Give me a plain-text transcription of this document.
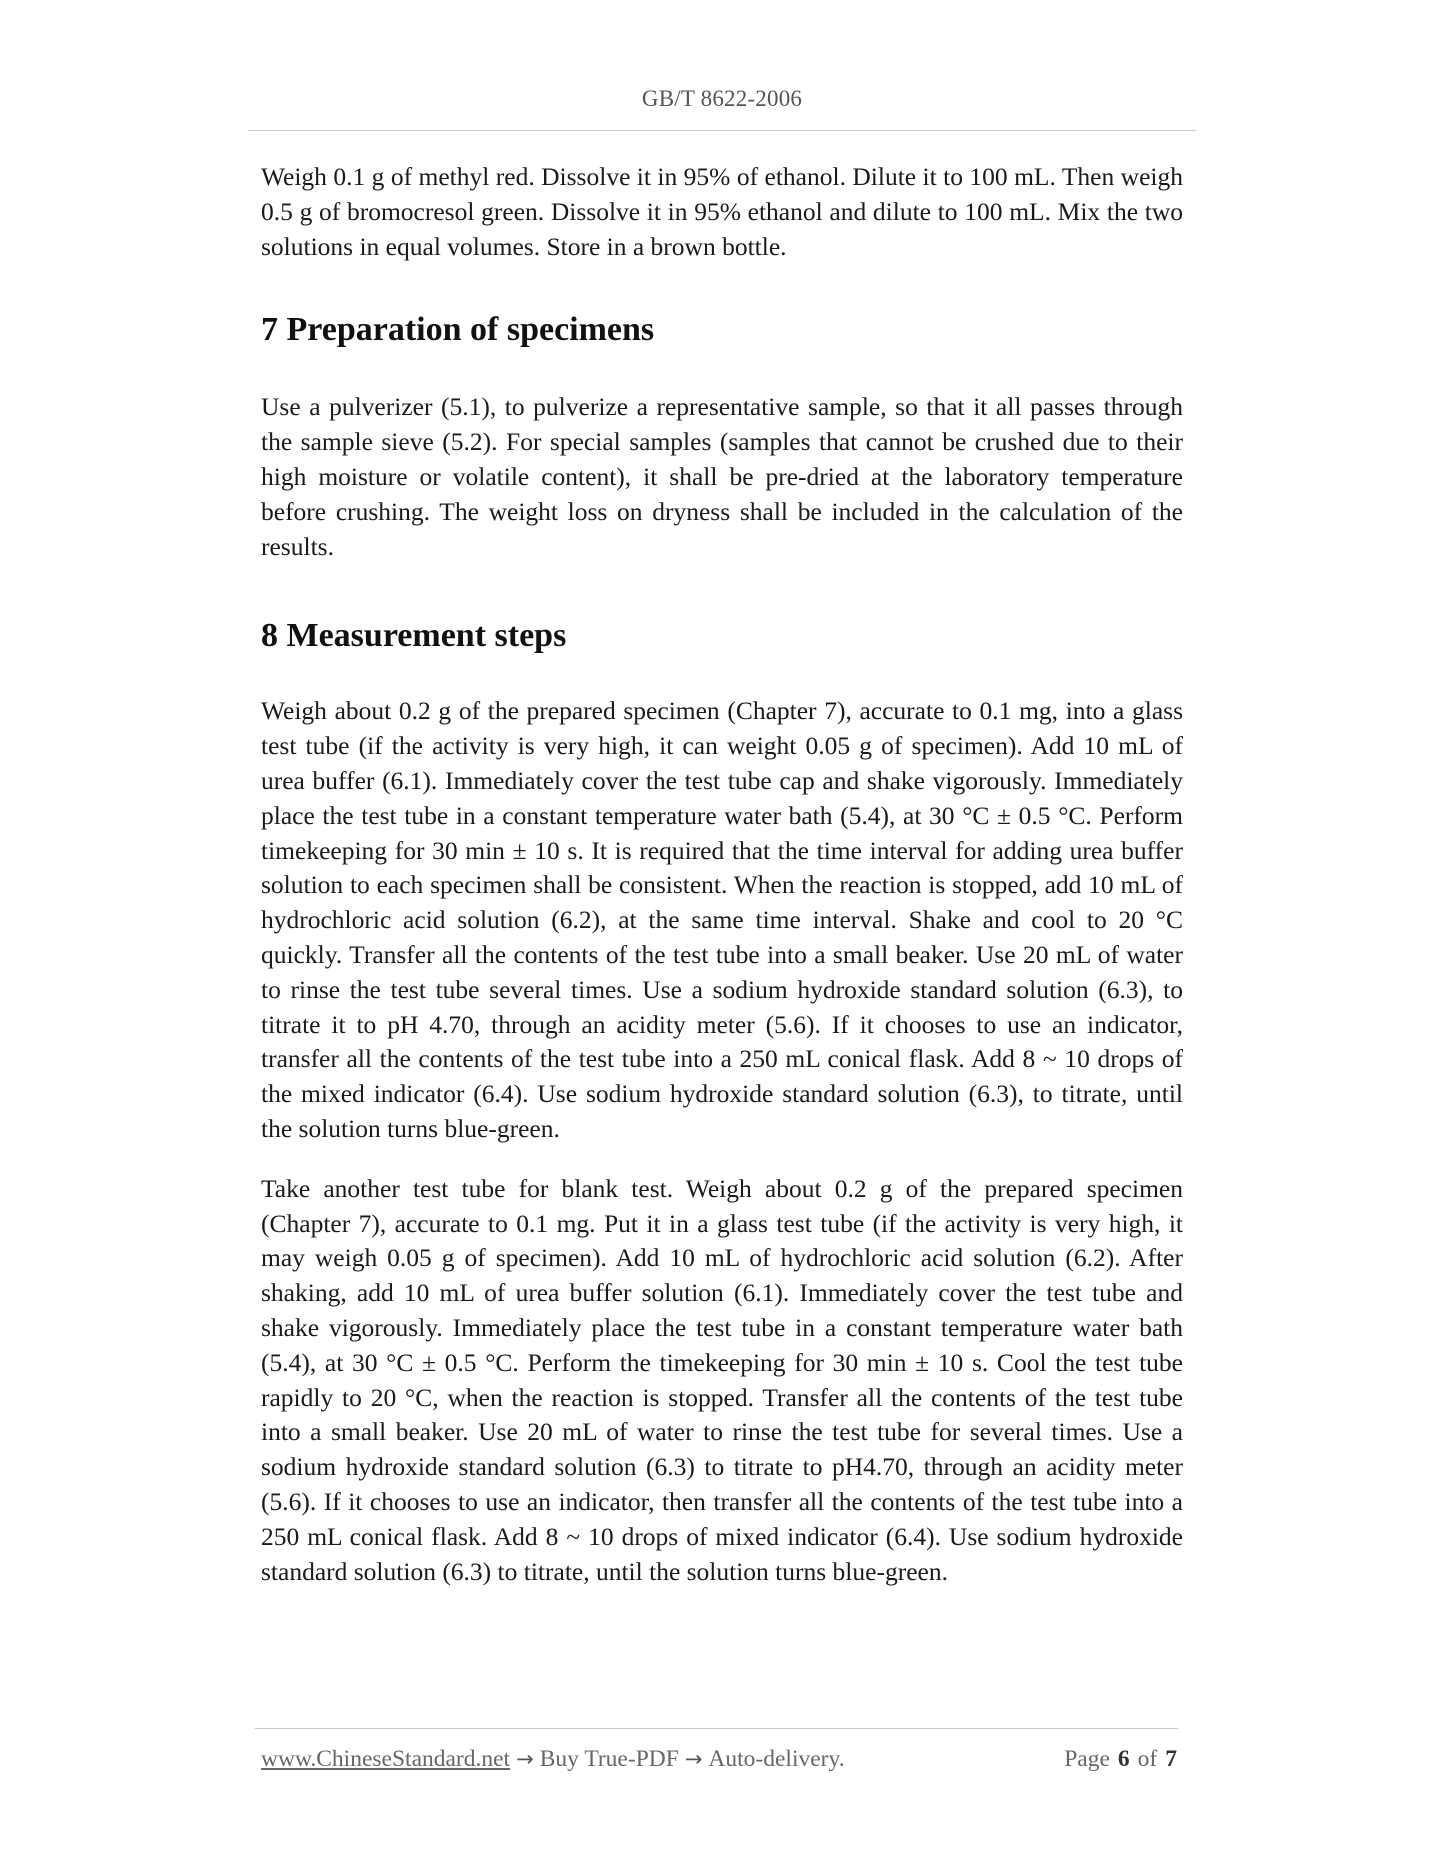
GB/T 8622-2006

Weigh 0.1 g of methyl red. Dissolve it in 95% of ethanol. Dilute it to 100 mL. Then weigh 0.5 g of bromocresol green. Dissolve it in 95% ethanol and dilute to 100 mL. Mix the two solutions in equal volumes. Store in a brown bottle.

7 Preparation of specimens

Use a pulverizer (5.1), to pulverize a representative sample, so that it all passes through the sample sieve (5.2). For special samples (samples that cannot be crushed due to their high moisture or volatile content), it shall be pre-dried at the laboratory temperature before crushing. The weight loss on dryness shall be included in the calculation of the results.

8 Measurement steps

Weigh about 0.2 g of the prepared specimen (Chapter 7), accurate to 0.1 mg, into a glass test tube (if the activity is very high, it can weight 0.05 g of specimen). Add 10 mL of urea buffer (6.1). Immediately cover the test tube cap and shake vigorously. Immediately place the test tube in a constant temperature water bath (5.4), at 30 °C ± 0.5 °C. Perform timekeeping for 30 min ± 10 s. It is required that the time interval for adding urea buffer solution to each specimen shall be consistent. When the reaction is stopped, add 10 mL of hydrochloric acid solution (6.2), at the same time interval. Shake and cool to 20 °C quickly. Transfer all the contents of the test tube into a small beaker. Use 20 mL of water to rinse the test tube several times. Use a sodium hydroxide standard solution (6.3), to titrate it to pH 4.70, through an acidity meter (5.6). If it chooses to use an indicator, transfer all the contents of the test tube into a 250 mL conical flask. Add 8 ~ 10 drops of the mixed indicator (6.4). Use sodium hydroxide standard solution (6.3), to titrate, until the solution turns blue-green.

Take another test tube for blank test. Weigh about 0.2 g of the prepared specimen (Chapter 7), accurate to 0.1 mg. Put it in a glass test tube (if the activity is very high, it may weigh 0.05 g of specimen). Add 10 mL of hydrochloric acid solution (6.2). After shaking, add 10 mL of urea buffer solution (6.1). Immediately cover the test tube and shake vigorously. Immediately place the test tube in a constant temperature water bath (5.4), at 30 °C ± 0.5 °C. Perform the timekeeping for 30 min ± 10 s. Cool the test tube rapidly to 20 °C, when the reaction is stopped. Transfer all the contents of the test tube into a small beaker. Use 20 mL of water to rinse the test tube for several times. Use a sodium hydroxide standard solution (6.3) to titrate to pH4.70, through an acidity meter (5.6). If it chooses to use an indicator, then transfer all the contents of the test tube into a 250 mL conical flask. Add 8 ~ 10 drops of mixed indicator (6.4). Use sodium hydroxide standard solution (6.3) to titrate, until the solution turns blue-green.

www.ChineseStandard.net → Buy True-PDF → Auto-delivery.	Page 6 of 7
